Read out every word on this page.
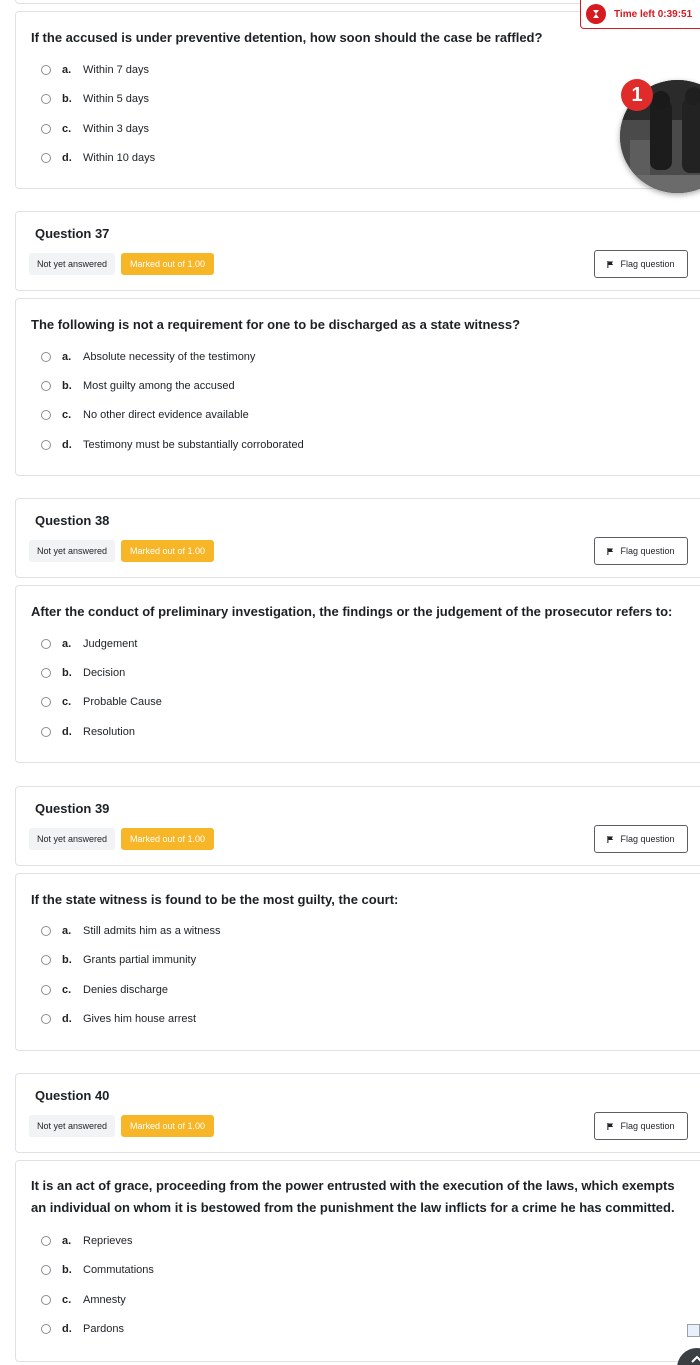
If the accused is under preventive detention, how soon should the case be raffled?
a.	Within 7 days
b.	Within 5 days
c.	Within 3 days
d.	Within 10 days
Question 37
Not yet answered	Marked out of 1.00	Flag question
The following is not a requirement for one to be discharged as a state witness?
a.	Absolute necessity of the testimony
b.	Most guilty among the accused
c.	No other direct evidence available
d.	Testimony must be substantially corroborated
Question 38
Not yet answered	Marked out of 1.00	Flag question
After the conduct of preliminary investigation, the findings or the judgement of the prosecutor refers to:
a.	Judgement
b.	Decision
c.	Probable Cause
d.	Resolution
Question 39
Not yet answered	Marked out of 1.00	Flag question
If the state witness is found to be the most guilty, the court:
a.	Still admits him as a witness
b.	Grants partial immunity
c.	Denies discharge
d.	Gives him house arrest
Question 40
Not yet answered	Marked out of 1.00	Flag question
It is an act of grace, proceeding from the power entrusted with the execution of the laws, which exempts an individual on whom it is bestowed from the punishment the law inflicts for a crime he has committed.
a.	Reprieves
b.	Commutations
c.	Amnesty
d.	Pardons
Time left 0:39:51
1
